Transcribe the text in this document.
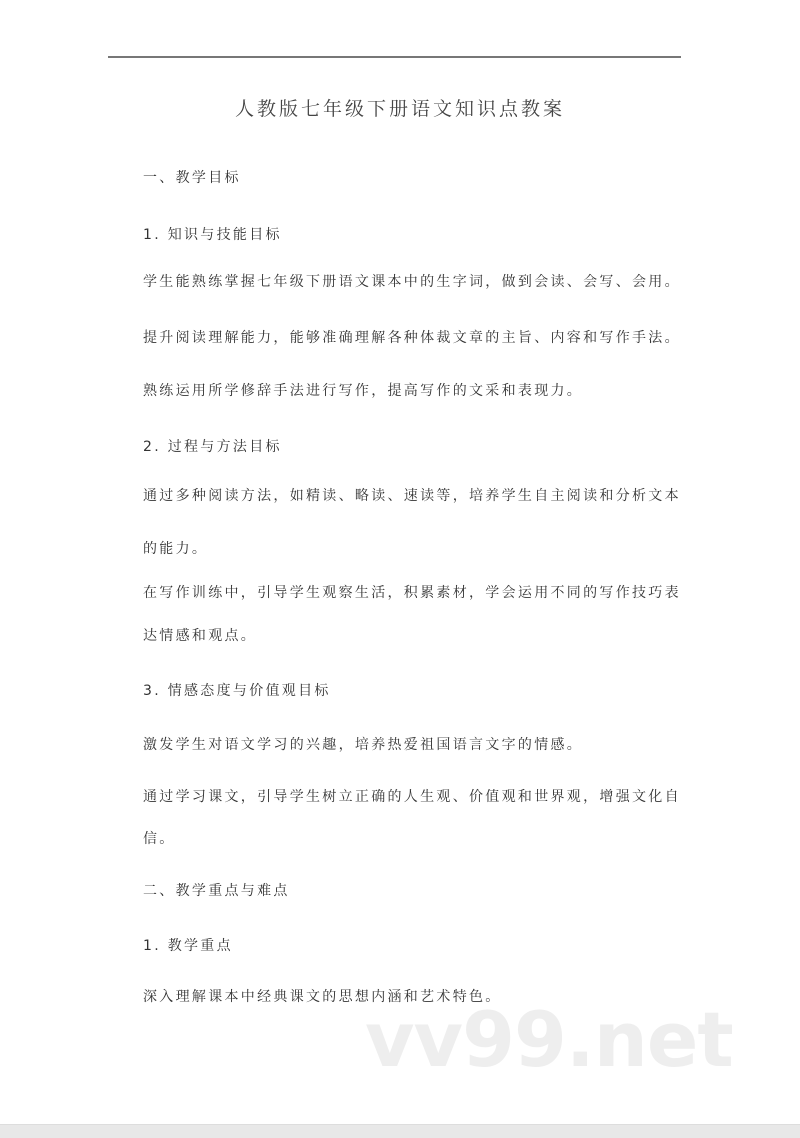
人教版七年级下册语文知识点教案
一、教学目标
1. 知识与技能目标
学生能熟练掌握七年级下册语文课本中的生字词，做到会读、会写、会用。
提升阅读理解能力，能够准确理解各种体裁文章的主旨、内容和写作手法。
熟练运用所学修辞手法进行写作，提高写作的文采和表现力。
2. 过程与方法目标
通过多种阅读方法，如精读、略读、速读等，培养学生自主阅读和分析文本
的能力。
在写作训练中，引导学生观察生活，积累素材，学会运用不同的写作技巧表
达情感和观点。
3. 情感态度与价值观目标
激发学生对语文学习的兴趣，培养热爱祖国语言文字的情感。
通过学习课文，引导学生树立正确的人生观、价值观和世界观，增强文化自
信。
二、教学重点与难点
1. 教学重点
深入理解课本中经典课文的思想内涵和艺术特色。
vv99.net
